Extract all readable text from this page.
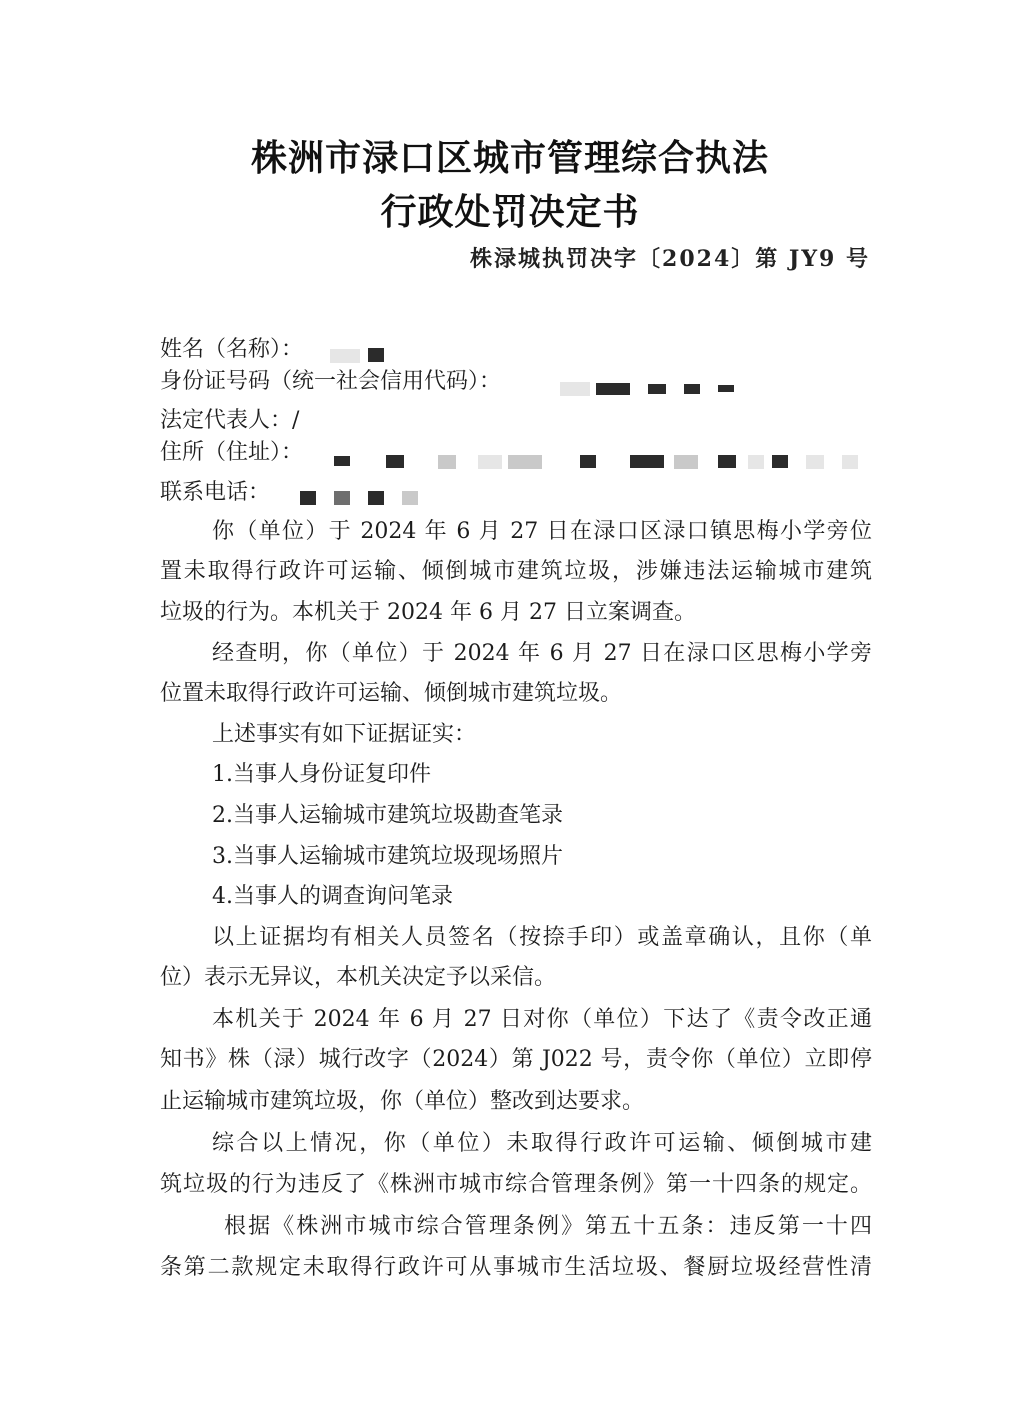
株洲市渌口区城市管理综合执法
行政处罚决定书
株渌城执罚决字〔2024〕第 JY9 号
姓名（名称）：
身份证号码（统一社会信用代码）：
法定代表人：/
住所（住址）：
联系电话：
你（单位）于 2024 年 6 月 27 日在渌口区渌口镇思梅小学旁位
置未取得行政许可运输、倾倒城市建筑垃圾，涉嫌违法运输城市建筑
垃圾的行为。本机关于 2024 年 6 月 27 日立案调查。
经查明，你（单位）于 2024 年 6 月 27 日在渌口区思梅小学旁
位置未取得行政许可运输、倾倒城市建筑垃圾。
上述事实有如下证据证实：
1.当事人身份证复印件
2.当事人运输城市建筑垃圾勘查笔录
3.当事人运输城市建筑垃圾现场照片
4.当事人的调查询问笔录
以上证据均有相关人员签名（按捺手印）或盖章确认，且你（单
位）表示无异议，本机关决定予以采信。
本机关于 2024 年 6 月 27 日对你（单位）下达了《责令改正通
知书》株（渌）城行改字（2024）第 J022 号，责令你（单位）立即停
止运输城市建筑垃圾，你（单位）整改到达要求。
综合以上情况，你（单位）未取得行政许可运输、倾倒城市建
筑垃圾的行为违反了《株洲市城市综合管理条例》第一十四条的规定。
根据《株洲市城市综合管理条例》第五十五条：违反第一十四
条第二款规定未取得行政许可从事城市生活垃圾、餐厨垃圾经营性清
